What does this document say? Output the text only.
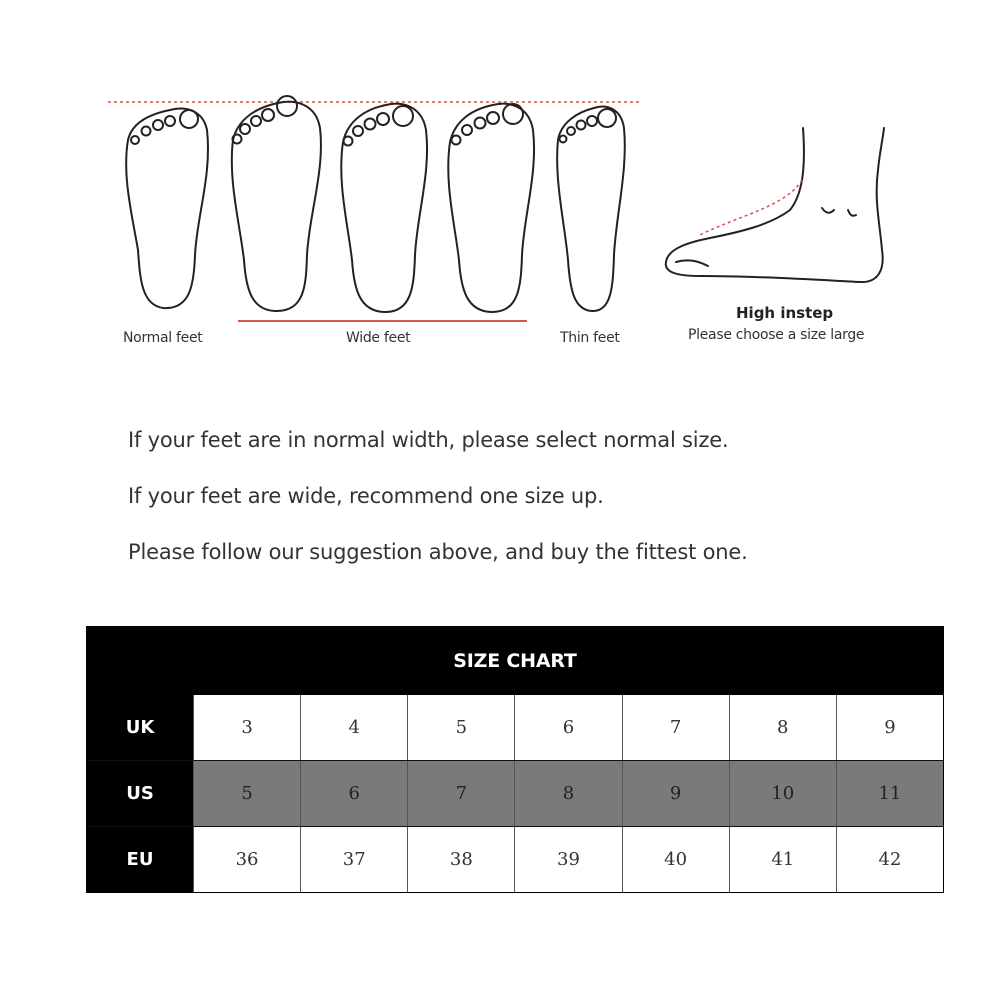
Normal feet	Wide feet	Thin feet
High instep
Please choose a size large
If your feet are in normal width, please select normal size.
If your feet are wide, recommend one size up.
Please follow our suggestion above, and buy the fittest one.
SIZE CHART
UK	3	4	5	6	7	8	9
US	5	6	7	8	9	10	11
EU	36	37	38	39	40	41	42
